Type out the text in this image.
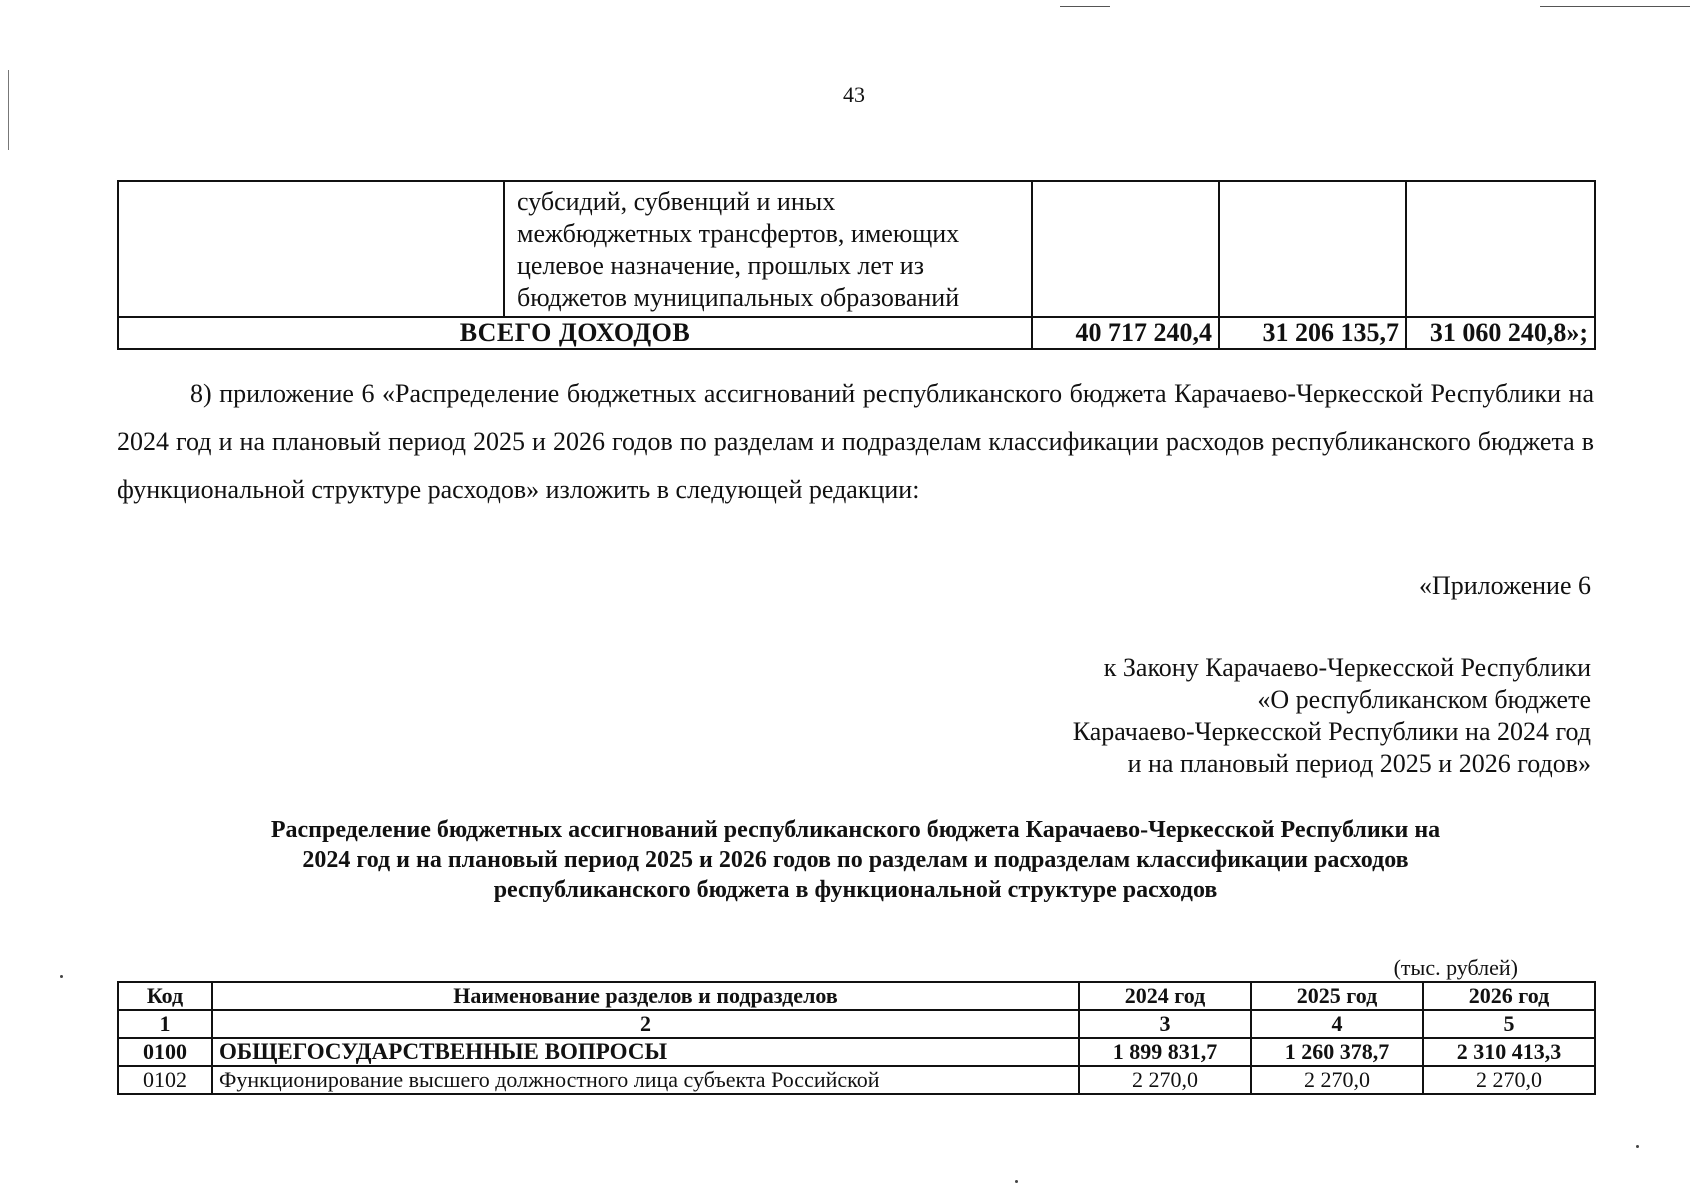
43

	субсидий, субвенций и иных
межбюджетных трансфертов, имеющих
целевое назначение, прошлых лет из
бюджетов муниципальных образований			

ВСЕГО ДОХОДОВ		40 717 240,4	31 206 135,7	31 060 240,8»;

8) приложение 6 «Распределение бюджетных ассигнований республиканского бюджета Карачаево-Черкесской Республики на 2024 год и на плановый период 2025 и 2026 годов по разделам и подразделам классификации расходов республиканского бюджета в функциональной структуре расходов» изложить в следующей редакции:

«Приложение 6
к Закону Карачаево-Черкесской Республики
«О республиканском бюджете
Карачаево-Черкесской Республики на 2024 год
и на плановый период 2025 и 2026 годов»
Распределение бюджетных ассигнований республиканского бюджета Карачаево-Черкесской Республики на
2024 год и на плановый период 2025 и 2026 годов по разделам и подразделам классификации расходов
республиканского бюджета в функциональной структуре расходов
(тыс. рублей)
Код	Наименование разделов и подразделов	2024 год	2025 год	2026 год
1	2	3	4	5
0100	ОБЩЕГОСУДАРСТВЕННЫЕ ВОПРОСЫ	1 899 831,7	1 260 378,7	2 310 413,3
0102	Функционирование высшего должностного лица субъекта Российской	2 270,0	2 270,0	2 270,0
